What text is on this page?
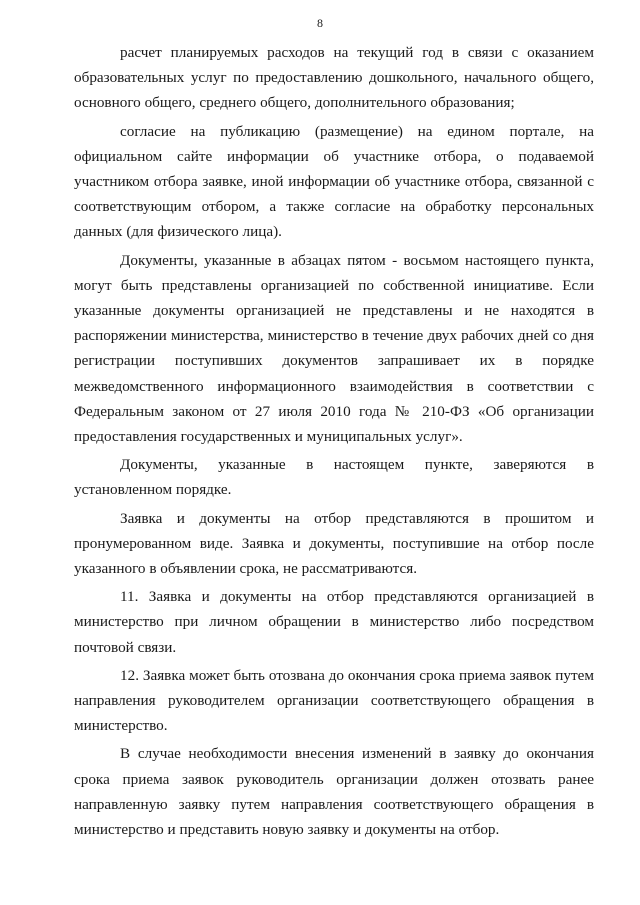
8

расчет планируемых расходов на текущий год в связи с оказанием образовательных услуг по предоставлению дошкольного, начального общего, основного общего, среднего общего, дополнительного образования;

согласие на публикацию (размещение) на едином портале, на официальном сайте информации об участнике отбора, о подаваемой участником отбора заявке, иной информации об участнике отбора, связанной с соответствующим отбором, а также согласие на обработку персональных данных (для физического лица).

Документы, указанные в абзацах пятом - восьмом настоящего пункта, могут быть представлены организацией по собственной инициативе. Если указанные документы организацией не представлены и не находятся в распоряжении министерства, министерство в течение двух рабочих дней со дня регистрации поступивших документов запрашивает их в порядке межведомственного информационного взаимодействия в соответствии с Федеральным законом от 27 июля 2010 года № 210-ФЗ «Об организации предоставления государственных и муниципальных услуг».

Документы, указанные в настоящем пункте, заверяются в установленном порядке.

Заявка и документы на отбор представляются в прошитом и пронумерованном виде. Заявка и документы, поступившие на отбор после указанного в объявлении срока, не рассматриваются.

11. Заявка и документы на отбор представляются организацией в министерство при личном обращении в министерство либо посредством почтовой связи.

12. Заявка может быть отозвана до окончания срока приема заявок путем направления руководителем организации соответствующего обращения в министерство.

В случае необходимости внесения изменений в заявку до окончания срока приема заявок руководитель организации должен отозвать ранее направленную заявку путем направления соответствующего обращения в министерство и представить новую заявку и документы на отбор.
